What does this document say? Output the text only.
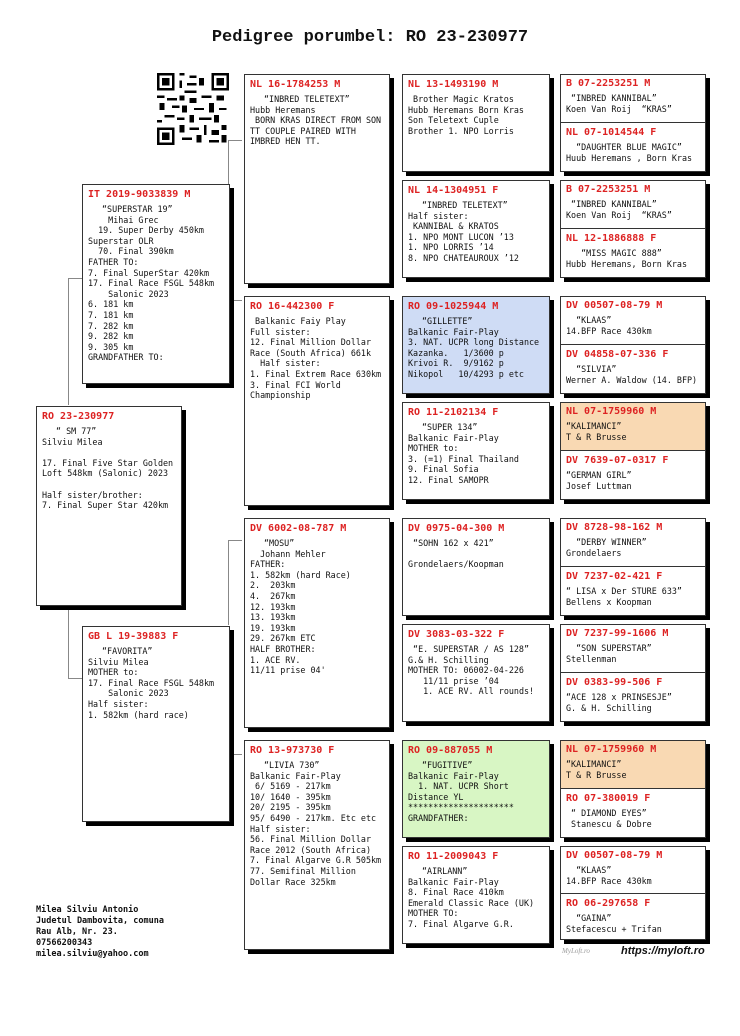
Pedigree porumbel: RO 23-230977
RO 23-230977
“ SM 77”
Silviu Milea

17. Final Five Star Golden
Loft 548km (Salonic) 2023

Half sister/brother:
7. Final Super Star 420km
IT 2019-9033839 M
“SUPERSTAR 19”
Mihai Grec
19. Super Derby 450km
Superstar OLR
70. Final 390km
FATHER TO:
7. Final SuperStar 420km
17. Final Race FSGL 548km
Salonic 2023
6. 181 km
7. 181 km
7. 282 km
9. 282 km
9. 305 km
GRANDFATHER TO:
GB L 19-39883 F
“FAVORITA”
Silviu Milea
MOTHER to:
17. Final Race FSGL 548km
Salonic 2023
Half sister:
1. 582km (hard race)
NL 16-1784253 M
“INBRED TELETEXT”
Hubb Heremans
BORN KRAS DIRECT FROM SON
TT COUPLE PAIRED WITH
IMBRED HEN TT.
RO 16-442300 F
Balkanic Faiy Play
Full sister:
12. Final Million Dollar
Race (South Africa) 661k
Half sister:
1. Final Extrem Race 630km
3. Final FCI World
Championship
DV 6002-08-787 M
“MOSU”
Johann Mehler
FATHER:
1. 582km (hard Race)
2.  203km
4.  267km
12. 193km
13. 193km
19. 193km
29. 267km ETC
HALF BROTHER:
1. ACE RV.
11/11 prise 04'
RO 13-973730 F
“LIVIA 730”
Balkanic Fair-Play
6/ 5169 - 217km
10/ 1640 - 395km
20/ 2195 - 395km
95/ 6490 - 217km. Etc etc
Half sister:
56. Final Million Dollar
Race 2012 (South Africa)
7. Final Algarve G.R 505km
77. Semifinal Million
Dollar Race 325km
NL 13-1493190 M
Brother Magic Kratos
Hubb Heremans Born Kras
Son Teletext Cuple
Brother 1. NPO Lorris
NL 14-1304951 F
“INBRED TELETEXT”
Half sister:
KANNIBAL & KRATOS
1. NPO MONT LUCON ’13
1. NPO LORRIS ’14
8. NPO CHATEAUROUX ’12
RO 09-1025944 M
“GILLETTE”
Balkanic Fair-Play
3. NAT. UCPR long Distance
Kazanka.   1/3600 p
Krivoi R.  9/9162 p
Nikopol   10/4293 p etc
RO 11-2102134 F
“SUPER 134”
Balkanic Fair-Play
MOTHER to:
3. (=1) Final Thailand
9. Final Sofia
12. Final SAMOPR
DV 0975-04-300 M
“SOHN 162 x 421”

Grondelaers/Koopman
DV 3083-03-322 F
“E. SUPERSTAR / AS 128”
G.& H. Schilling
MOTHER TO: 06002-04-226
11/11 prise ’04
1. ACE RV. All rounds!
RO 09-887055 M
“FUGITIVE”
Balkanic Fair-Play
1. NAT. UCPR Short
Distance YL
*********************
GRANDFATHER:
RO 11-2009043 F
“AIRLANN”
Balkanic Fair-Play
8. Final Race 410km
Emerald Classic Race (UK)
MOTHER TO:
7. Final Algarve G.R.
B 07-2253251 M
“INBRED KANNIBAL”
Koen Van Roij  “KRAS”
NL 07-1014544 F
“DAUGHTER BLUE MAGIC”
Huub Heremans , Born Kras
B 07-2253251 M
“INBRED KANNIBAL”
Koen Van Roij  “KRAS”
NL 12-1886888 F
“MISS MAGIC 888”
Hubb Heremans, Born Kras
DV 00507-08-79 M
“KLAAS”
14.BFP Race 430km
DV 04858-07-336 F
“SILVIA”
Werner A. Waldow (14. BFP)
NL 07-1759960 M
“KALIMANCI”
T & R Brusse
DV 7639-07-0317 F
“GERMAN GIRL”
Josef Luttman
DV 8728-98-162 M
“DERBY WINNER”
Grondelaers
DV 7237-02-421 F
“ LISA x Der STURE 633”
Bellens x Koopman
DV 7237-99-1606 M
“SON SUPERSTAR”
Stellenman
DV 0383-99-506 F
“ACE 128 x PRINSESJE”
G. & H. Schilling
NL 07-1759960 M
“KALIMANCI”
T & R Brusse
RO 07-380019 F
“ DIAMOND EYES”
Stanescu & Dobre
DV 00507-08-79 M
“KLAAS”
14.BFP Race 430km
RO 06-297658 F
“GAINA”
Stefacescu + Trifan
Milea Silviu Antonio
Judetul Dambovita, comuna
Rau Alb, Nr. 23.
07566200343
milea.silviu@yahoo.com	MyLoft.ro	https://myloft.ro
